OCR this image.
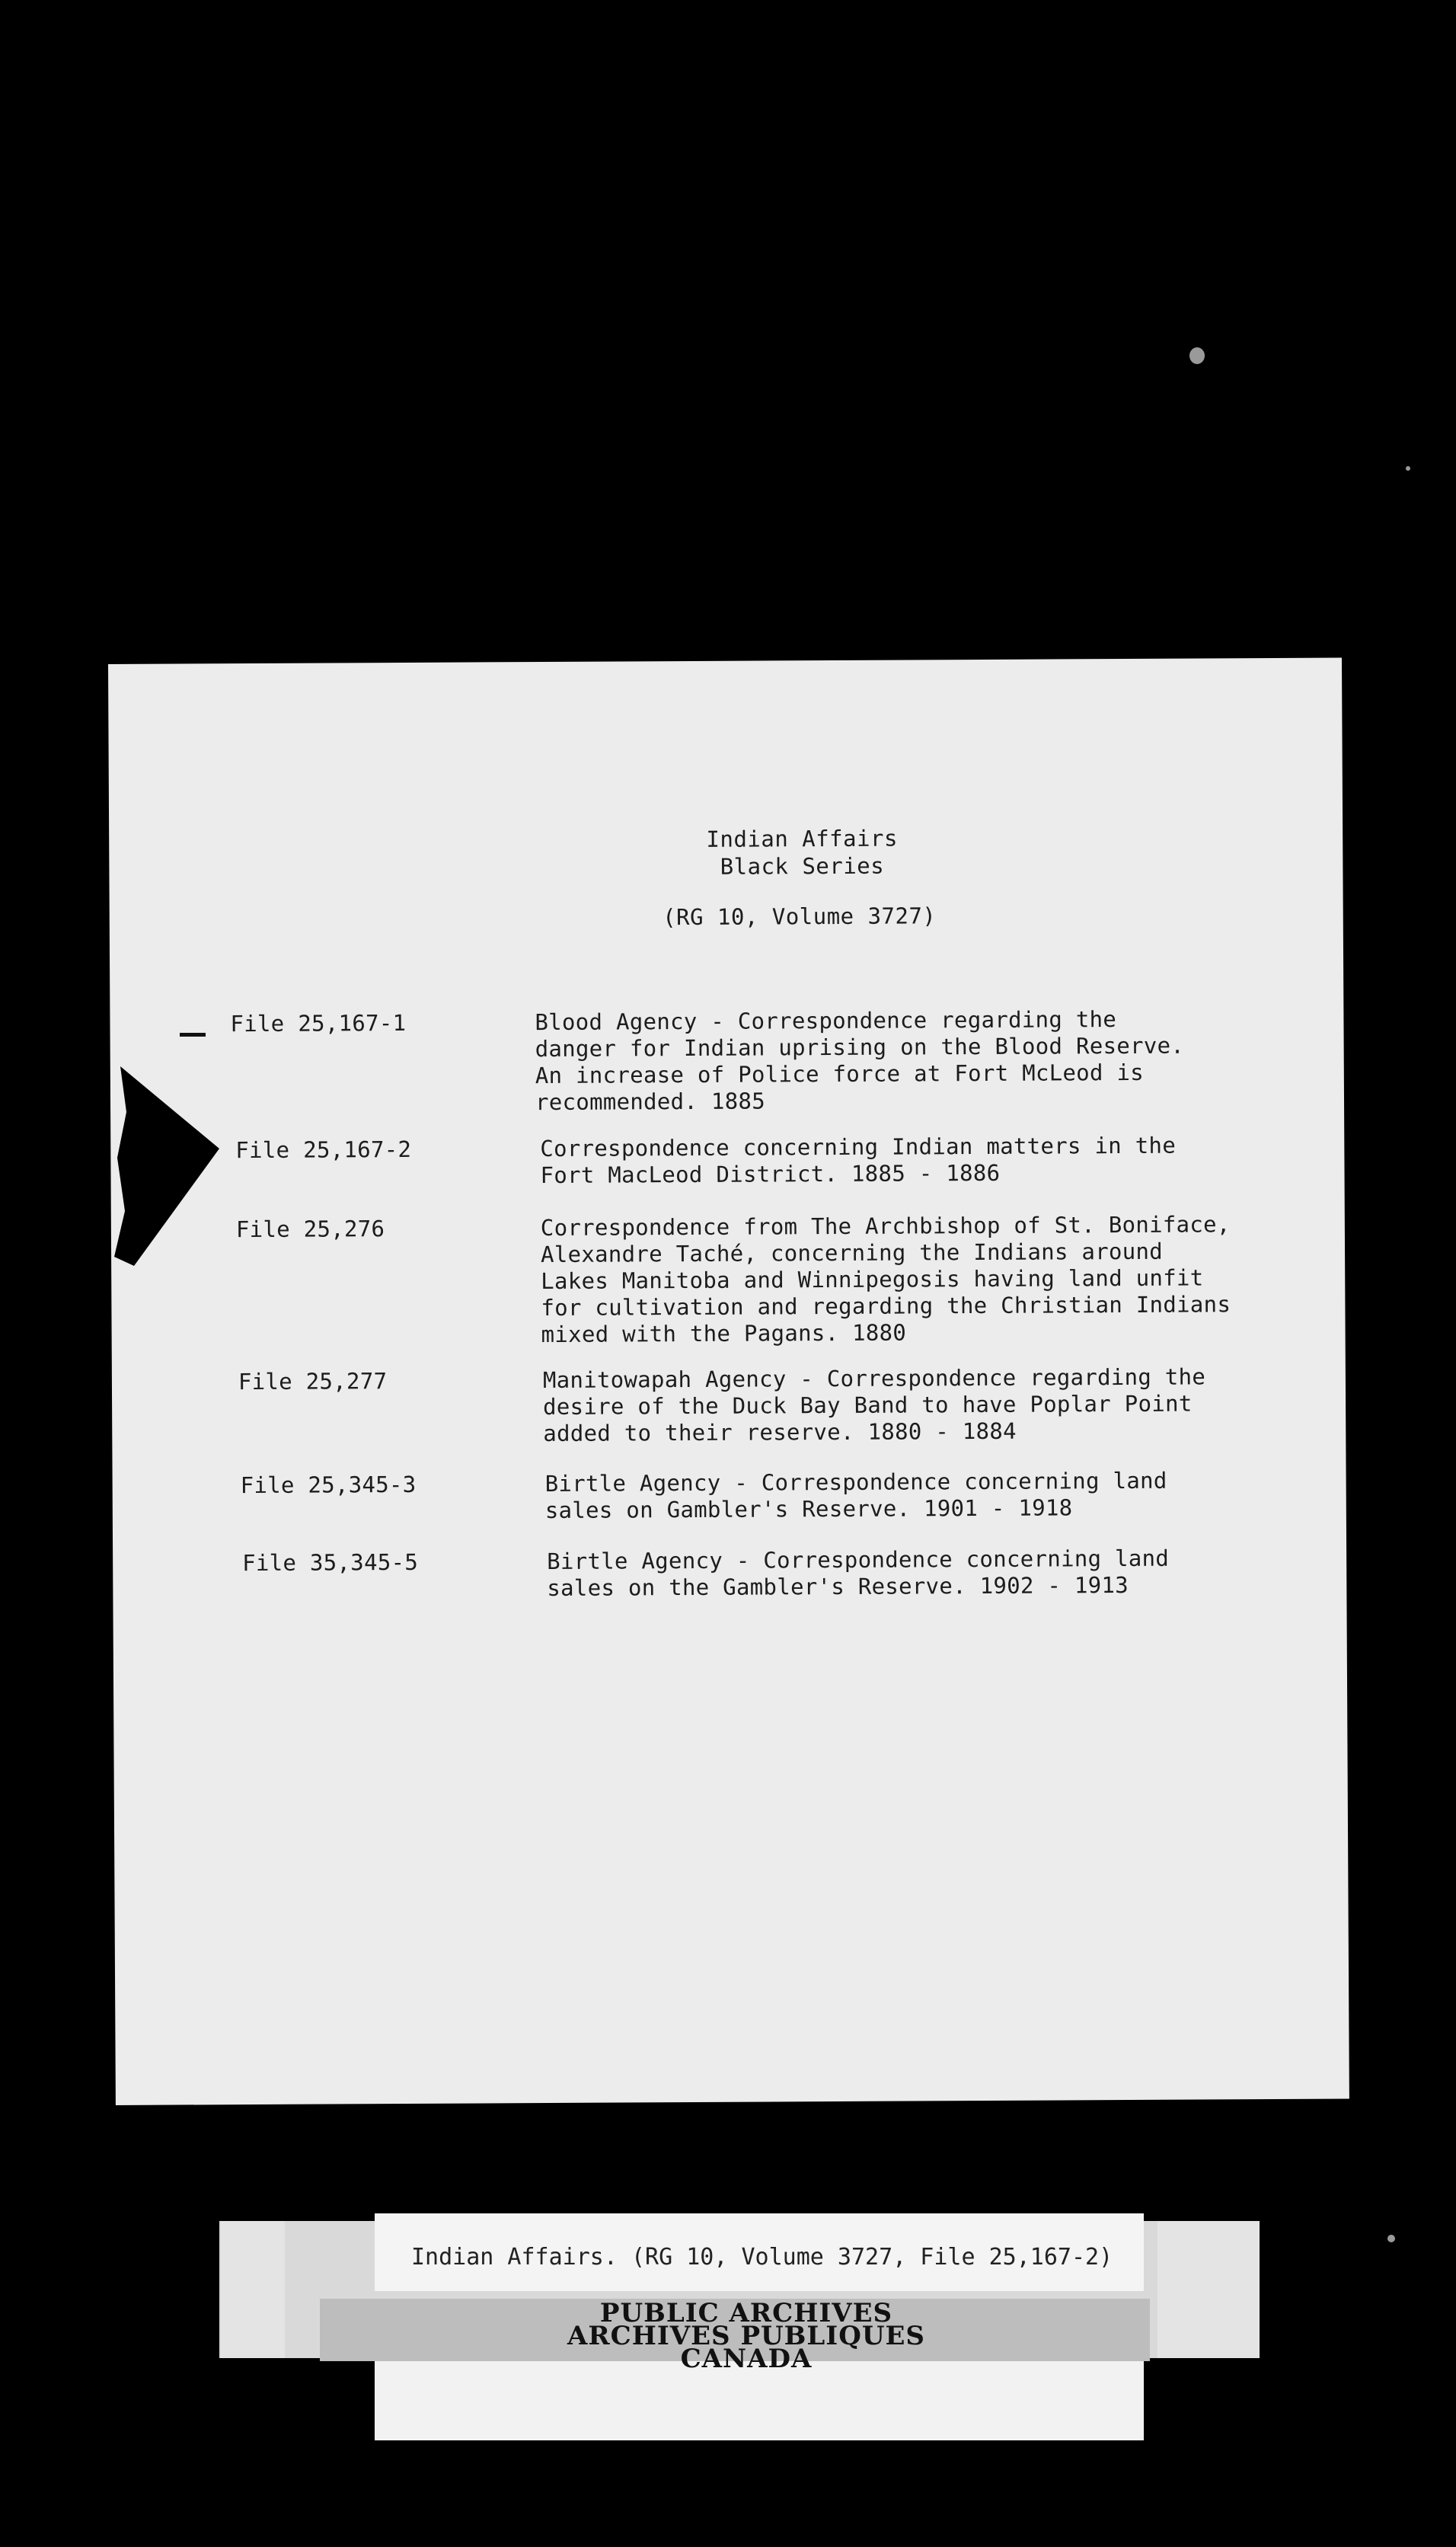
Indian Affairs
Black Series
(RG 10, Volume 3727)
File 25,167-1	Blood Agency - Correspondence regarding the
danger for Indian uprising on the Blood Reserve.
An increase of Police force at Fort McLeod is
recommended. 1885
File 25,167-2	Correspondence concerning Indian matters in the
Fort MacLeod District. 1885 - 1886
File 25,276	Correspondence from The Archbishop of St. Boniface,
Alexandre Taché, concerning the Indians around
Lakes Manitoba and Winnipegosis having land unfit
for cultivation and regarding the Christian Indians
mixed with the Pagans. 1880
File 25,277	Manitowapah Agency - Correspondence regarding the
desire of the Duck Bay Band to have Poplar Point
added to their reserve. 1880 - 1884
File 25,345-3	Birtle Agency - Correspondence concerning land
sales on Gambler's Reserve. 1901 - 1918
File 35,345-5	Birtle Agency - Correspondence concerning land
sales on the Gambler's Reserve. 1902 - 1913
Indian Affairs. (RG 10, Volume 3727, File 25,167-2)
PUBLIC ARCHIVES
ARCHIVES PUBLIQUES
CANADA
